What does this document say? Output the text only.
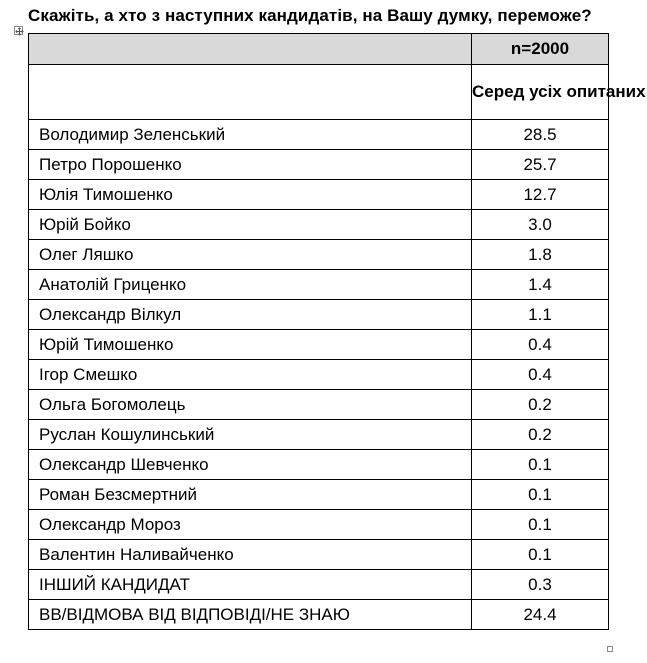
Скажіть, а хто з наступних кандидатів, на Вашу думку, переможе?
	n=2000
	Серед усіх опитаних
Володимир Зеленський	28.5
Петро Порошенко	25.7
Юлія Тимошенко	12.7
Юрій Бойко	3.0
Олег Ляшко	1.8
Анатолій Гриценко	1.4
Олександр Вілкул	1.1
Юрій Тимошенко	0.4
Ігор Смешко	0.4
Ольга Богомолець	0.2
Руслан Кошулинський	0.2
Олександр Шевченко	0.1
Роман Безсмертний	0.1
Олександр Мороз	0.1
Валентин Наливайченко	0.1
ІНШИЙ КАНДИДАТ	0.3
ВВ/ВІДМОВА ВІД ВІДПОВІДІ/НЕ ЗНАЮ	24.4
